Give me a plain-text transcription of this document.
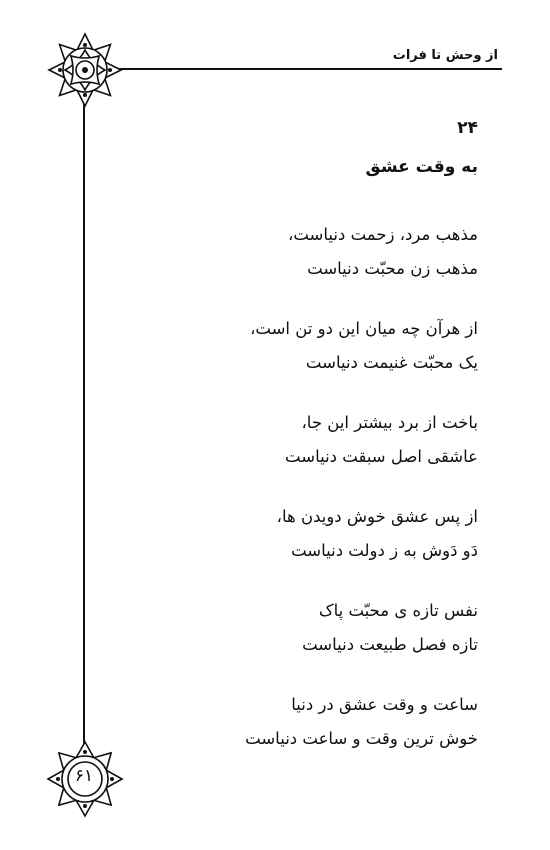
از وحش تا فرات
۲۴
به وقت عشق
مذهب مرد، زحمت دنیاست،
مذهب زن محبّت دنیاست
از هرآن چه میان این دو تن است،
یک محبّت غنیمت دنیاست
باخت از برد بیشتر این جا،
عاشقی اصل سبقت دنیاست
از پس عشق خوش دویدن ها،
دَو دَوش به ز دولت دنیاست
نفس تازه ی محبّت پاک
تازه فصل طبیعت دنیاست
ساعت و وقت عشق در دنیا
خوش ترین وقت و ساعت دنیاست
۶۱
